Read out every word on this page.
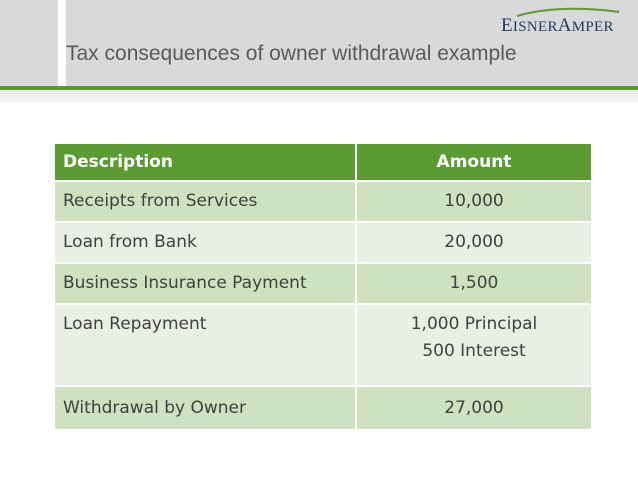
EISNERAMPER
Tax consequences of owner withdrawal example
Description	Amount
Receipts from Services	10,000
Loan from Bank	20,000
Business Insurance Payment	1,500
Loan Repayment	1,000 Principal
500 Interest

Withdrawal by Owner	27,000
